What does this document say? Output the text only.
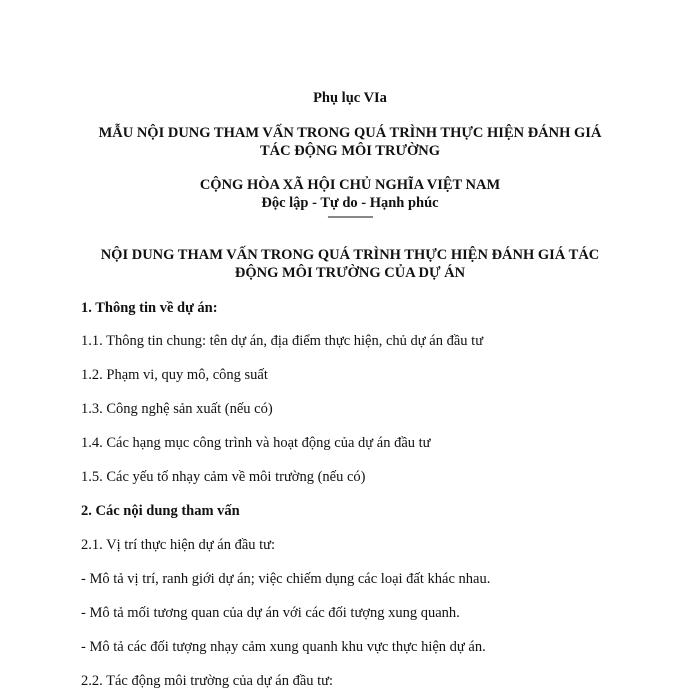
Phụ lục VIa
MẪU NỘI DUNG THAM VẤN TRONG QUÁ TRÌNH THỰC HIỆN ĐÁNH GIÁ
TÁC ĐỘNG MÔI TRƯỜNG
CỘNG HÒA XÃ HỘI CHỦ NGHĨA VIỆT NAM
Độc lập - Tự do - Hạnh phúc
---------------
NỘI DUNG THAM VẤN TRONG QUÁ TRÌNH THỰC HIỆN ĐÁNH GIÁ TÁC
ĐỘNG MÔI TRƯỜNG CỦA DỰ ÁN
1. Thông tin về dự án:
1.1. Thông tin chung: tên dự án, địa điểm thực hiện, chủ dự án đầu tư
1.2. Phạm vi, quy mô, công suất
1.3. Công nghệ sản xuất (nếu có)
1.4. Các hạng mục công trình và hoạt động của dự án đầu tư
1.5. Các yếu tố nhạy cảm về môi trường (nếu có)
2. Các nội dung tham vấn
2.1. Vị trí thực hiện dự án đầu tư:
- Mô tả vị trí, ranh giới dự án; việc chiếm dụng các loại đất khác nhau.
- Mô tả mối tương quan của dự án với các đối tượng xung quanh.
- Mô tả các đối tượng nhạy cảm xung quanh khu vực thực hiện dự án.
2.2. Tác động môi trường của dự án đầu tư:
